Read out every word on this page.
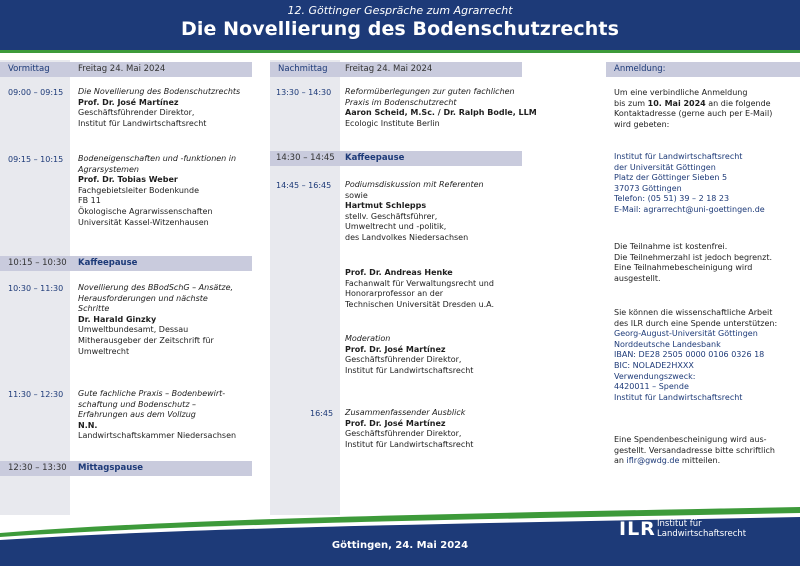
12. Göttinger Gespräche zum Agrarrecht
Die Novellierung des Bodenschutzrechts
Vormittag	Freitag 24. Mai 2024
09:00 – 09:15 Die Novellierung des Bodenschutzrechts
Prof. Dr. José Martínez
Geschäftsführender Direktor,
Institut für Landwirtschaftsrecht
09:15 – 10:15 Bodeneigenschaften und -funktionen in
Agrarsystemen
Prof. Dr. Tobias Weber
Fachgebietsleiter Bodenkunde
FB 11
Ökologische Agrarwissenschaften
Universität Kassel-Witzenhausen
10:15 – 10:30 Kaffeepause
10:30 – 11:30 Novellierung des BBodSchG – Ansätze,
Herausforderungen und nächste
Schritte
Dr. Harald Ginzky
Umweltbundesamt, Dessau
Mitherausgeber der Zeitschrift für
Umweltrecht
11:30 – 12:30 Gute fachliche Praxis – Bodenbewirt-
schaftung und Bodenschutz –
Erfahrungen aus dem Vollzug
N.N.
Landwirtschaftskammer Niedersachsen
12:30 – 13:30 Mittagspause
Nachmittag Freitag 24. Mai 2024
13:30 – 14:30 Reformüberlegungen zur guten fachlichen
Praxis im Bodenschutzrecht
Aaron Scheid, M.Sc. / Dr. Ralph Bodle, LLM
Ecologic Institute Berlin
14:30 – 14:45 Kaffeepause
14:45 – 16:45 Podiumsdiskussion mit Referenten
sowie
Hartmut Schlepps
stellv. Geschäftsführer,
Umweltrecht und -politik,
des Landvolkes Niedersachsen
Prof. Dr. Andreas Henke
Fachanwalt für Verwaltungsrecht und
Honorarprofessor an der
Technischen Universität Dresden u.A.
Moderation
Prof. Dr. José Martínez
Geschäftsführender Direktor,
Institut für Landwirtschaftsrecht
16:45 Zusammenfassender Ausblick
Prof. Dr. José Martínez
Geschäftsführender Direktor,
Institut für Landwirtschaftsrecht
Anmeldung:
Um eine verbindliche Anmeldung
bis zum 10. Mai 2024 an die folgende
Kontaktadresse (gerne auch per E-Mail)
wird gebeten:
Institut für Landwirtschaftsrecht
der Universität Göttingen
Platz der Göttinger Sieben 5
37073 Göttingen
Telefon: (05 51) 39 – 2 18 23
E-Mail: agrarrecht@uni-goettingen.de
Die Teilnahme ist kostenfrei.
Die Teilnehmerzahl ist jedoch begrenzt.
Eine Teilnahmebescheinigung wird
ausgestellt.
Sie können die wissenschaftliche Arbeit
des ILR durch eine Spende unterstützen:
Georg-August-Universität Göttingen
Norddeutsche Landesbank
IBAN: DE28 2505 0000 0106 0326 18
BIC: NOLADE2HXXX
Verwendungszweck:
4420011 – Spende
Institut für Landwirtschaftsrecht
Eine Spendenbescheinigung wird aus-
gestellt. Versandadresse bitte schriftlich
an iflr@gwdg.de mitteilen.
Göttingen, 24. Mai 2024
ILR Institut für
Landwirtschaftsrecht
